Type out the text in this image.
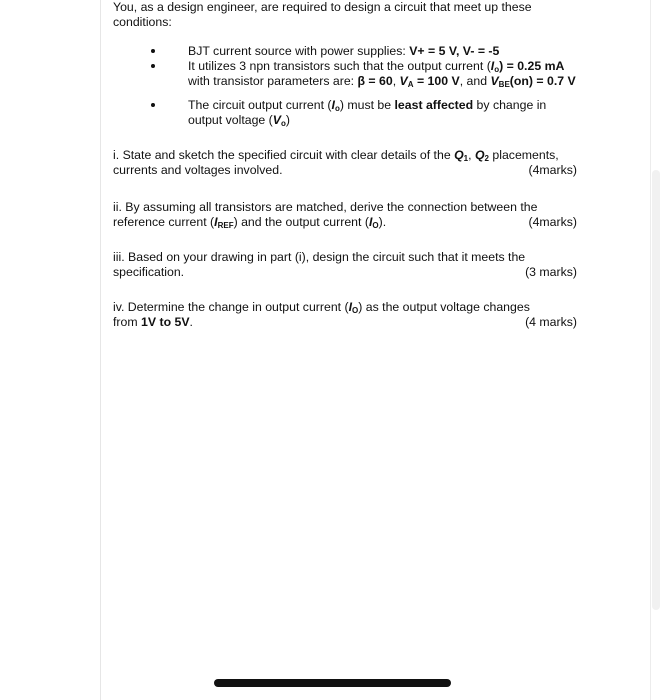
You, as a design engineer, are required to design a circuit that meet up these
conditions:

BJT current source with power supplies: V+ = 5 V, V- = -5
It utilizes 3 npn transistors such that the output current $(I_o) = 0.25$ mA with transistor parameters are: β = 60, $V_A = 100$ V, and $V_{BE}(on) = 0.7$ V
The circuit output current $(I_o)$ must be least affected by change in output voltage $(V_o)$
i. State and sketch the specified circuit with clear details of the $Q_1$, $Q_2$ placements,
currents and voltages involved.	(4marks)
ii. By assuming all transistors are matched, derive the connection between the
reference current $(I_{REF})$ and the output current $(I_O)$.	(4marks)
iii. Based on your drawing in part (i), design the circuit such that it meets the
specification.	(3 marks)
iv. Determine the change in output current $(I_O)$ as the output voltage changes
from 1V to 5V.	(4 marks)
